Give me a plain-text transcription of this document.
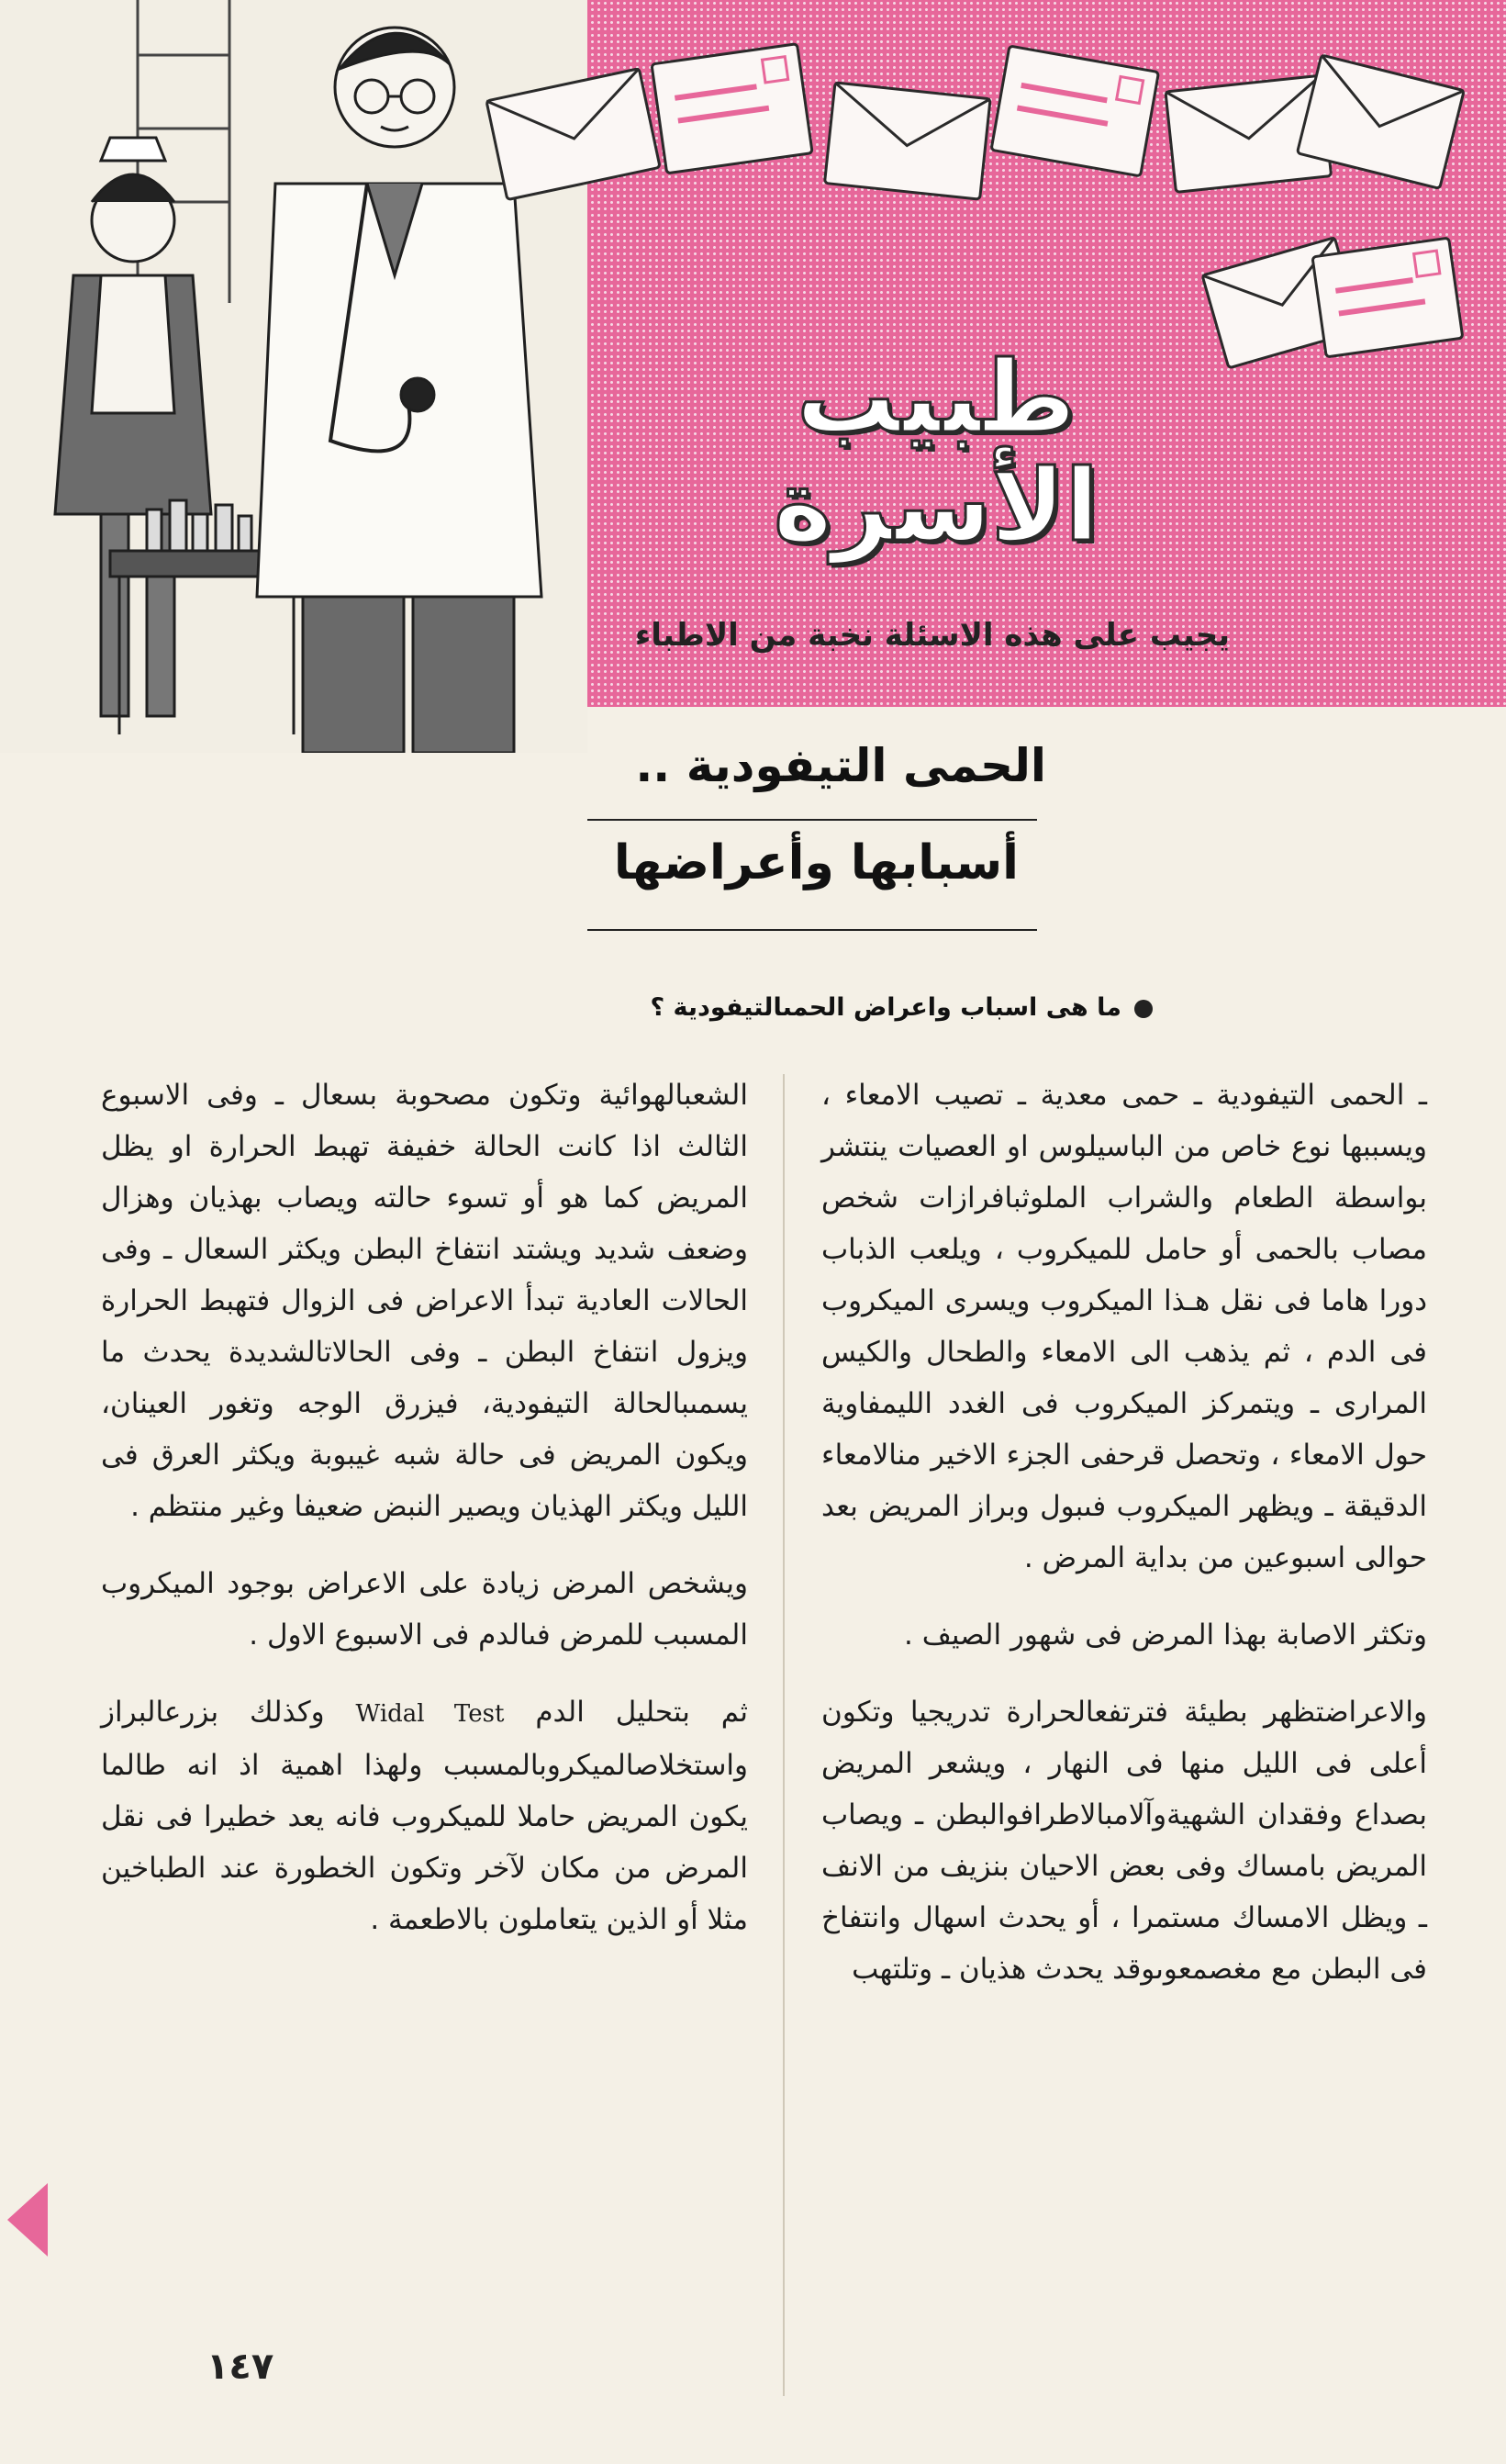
طبيب
الأسرة
يجيب على هذه الاسئلة نخبة من الاطباء
الحمى التيفودية ..
أسبابها وأعراضها
ما هى اسباب واعراض الحمىالتيفودية ؟

ـ الحمى التيفودية ـ حمى معدية ـ تصيب الامعاء ، ويسببها نوع خاص من الباسيلوس او العصيات ينتشر بواسطة الطعام والشراب الملوثبافرازات شخص مصاب بالحمى أو حامل للميكروب ، ويلعب الذباب دورا هاما فى نقل هـذا الميكروب ويسرى الميكروب فى الدم ، ثم يذهب الى الامعاء والطحال والكيس المرارى ـ ويتمركز الميكروب فى الغدد الليمفاوية حول الامعاء ، وتحصل قرحفى الجزء الاخير منالامعاء الدقيقة ـ ويظهر الميكروب فىبول وبراز المريض بعد حوالى اسبوعين من بداية المرض .

وتكثر الاصابة بهذا المرض فى شهور الصيف .

والاعراضتظهر بطيئة فترتفعالحرارة تدريجيا وتكون أعلى فى الليل منها فى النهار ، ويشعر المريض بصداع وفقدان الشهيةوآلامبالاطرافوالبطن ـ ويصاب المريض بامساك وفى بعض الاحيان بنزيف من الانف ـ ويظل الامساك مستمرا ، أو يحدث اسهال وانتفاخ فى البطن مع مغصمعوىوقد يحدث هذيان ـ وتلتهب

الشعبالهوائية وتكون مصحوبة بسعال ـ وفى الاسبوع الثالث اذا كانت الحالة خفيفة تهبط الحرارة او يظل المريض كما هو أو تسوء حالته ويصاب بهذيان وهزال وضعف شديد ويشتد انتفاخ البطن ويكثر السعال ـ وفى الحالات العادية تبدأ الاعراض فى الزوال فتهبط الحرارة ويزول انتفاخ البطن ـ وفى الحالاتالشديدة يحدث ما يسمىبالحالة التيفودية، فيزرق الوجه وتغور العينان، ويكون المريض فى حالة شبه غيبوبة ويكثر العرق فى الليل ويكثر الهذيان ويصير النبض ضعيفا وغير منتظم .

ويشخص المرض زيادة على الاعراض بوجود الميكروب المسبب للمرض فىالدم فى الاسبوع الاول .

ثم بتحليل الدم Widal Test وكذلك بزرعالبراز واستخلاصالميكروبالمسبب ولهذا اهمية اذ انه طالما يكون المريض حاملا للميكروب فانه يعد خطيرا فى نقل المرض من مكان لآخر وتكون الخطورة عند الطباخين مثلا أو الذين يتعاملون بالاطعمة .

١٤٧
